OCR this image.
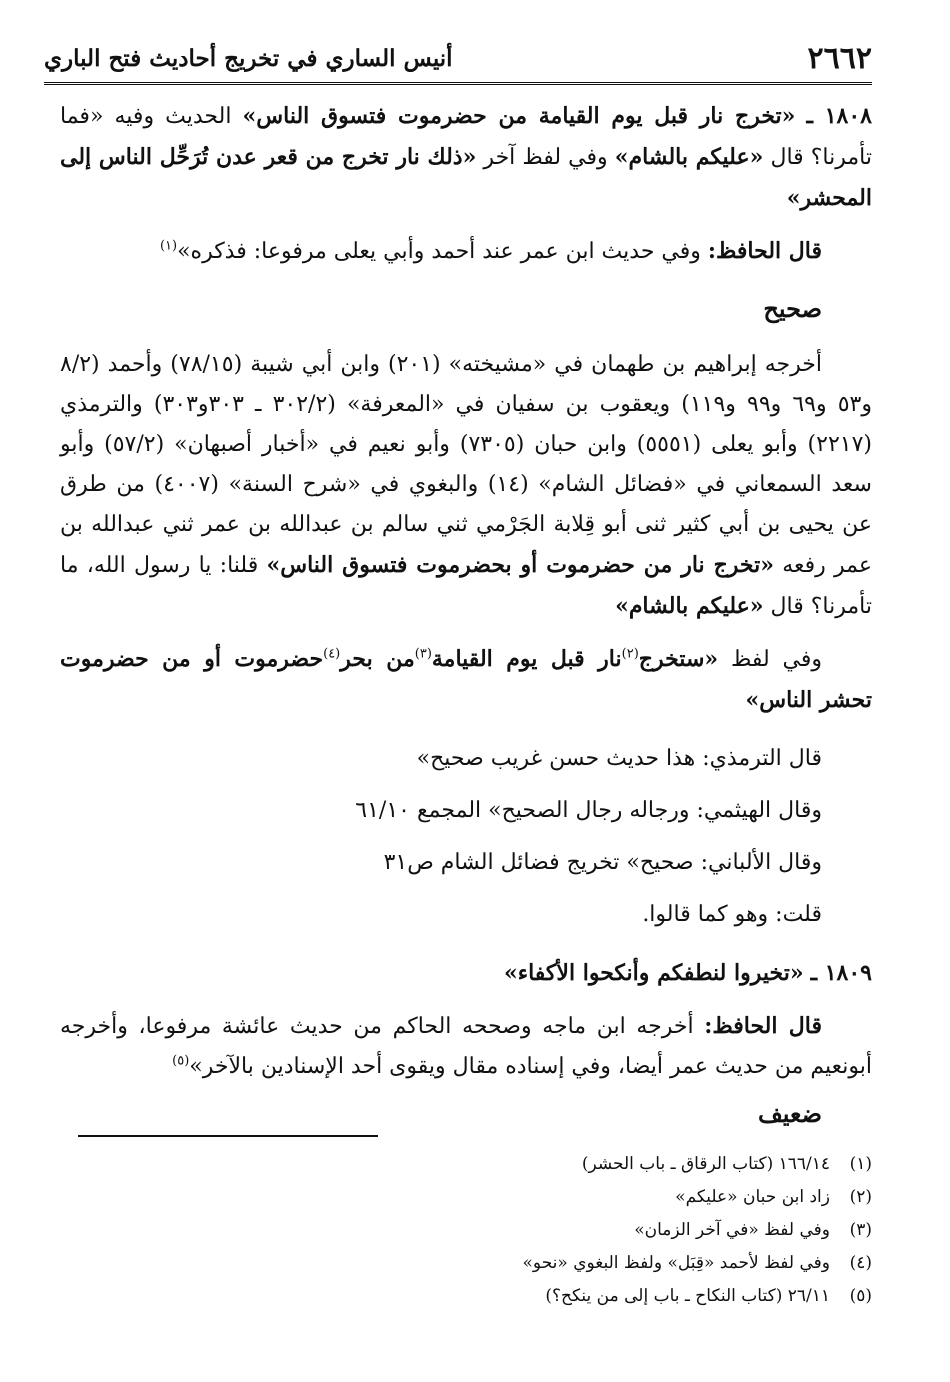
٢٦٦٢
أنيس الساري في تخريج أحاديث فتح الباري

١٨٠٨ ـ «تخرج نار قبل يوم القيامة من حضرموت فتسوق الناس» الحديث وفيه «فما تأمرنا؟ قال «عليكم بالشام» وفي لفظ آخر «ذلك نار تخرج من قعر عدن تُرَحِّل الناس إلى المحشر»

قال الحافظ: وفي حديث ابن عمر عند أحمد وأبي يعلى مرفوعا: فذكره»$^{(١)}$

صحيح

أخرجه إبراهيم بن طهمان في «مشيخته» (٢٠١) وابن أبي شيبة (٧٨/١٥) وأحمد (٨/٢ و٥٣ و٦٩ و٩٩ و١١٩) ويعقوب بن سفيان في «المعرفة» (٣٠٢/٢ ـ ٣٠٣و٣٠٣) والترمذي (٢٢١٧) وأبو يعلى (٥٥٥١) وابن حبان (٧٣٠٥) وأبو نعيم في «أخبار أصبهان» (٥٧/٢) وأبو سعد السمعاني في «فضائل الشام» (١٤) والبغوي في «شرح السنة» (٤٠٠٧) من طرق عن يحيى بن أبي كثير ثنى أبو قِلابة الجَرْمي ثني سالم بن عبدالله بن عمر ثني عبدالله بن عمر رفعه «تخرج نار من حضرموت أو بحضرموت فتسوق الناس» قلنا: يا رسول الله، ما تأمرنا؟ قال «عليكم بالشام»

وفي لفظ «ستخرج$^{(٢)}$نار قبل يوم القيامة$^{(٣)}$من بحر$^{(٤)}$حضرموت أو من حضرموت تحشر الناس»

قال الترمذي: هذا حديث حسن غريب صحيح»

وقال الهيثمي: ورجاله رجال الصحيح» المجمع ٦١/١٠

وقال الألباني: صحيح» تخريج فضائل الشام ص٣١

قلت: وهو كما قالوا.

١٨٠٩ ـ «تخيروا لنطفكم وأنكحوا الأكفاء»

قال الحافظ: أخرجه ابن ماجه وصححه الحاكم من حديث عائشة مرفوعا، وأخرجه أبونعيم من حديث عمر أيضا، وفي إسناده مقال ويقوى أحد الإسنادين بالآخر»$^{(٥)}$

ضعيف

(١)
١٦٦/١٤ (كتاب الرقاق ـ باب الحشر)
(٢)
زاد ابن حبان «عليكم»
(٣)
وفي لفظ «في آخر الزمان»
(٤)
وفي لفظ لأحمد «قِبَل» ولفظ البغوي «نحو»
(٥)
٢٦/١١ (كتاب النكاح ـ باب إلى من ينكح؟)
